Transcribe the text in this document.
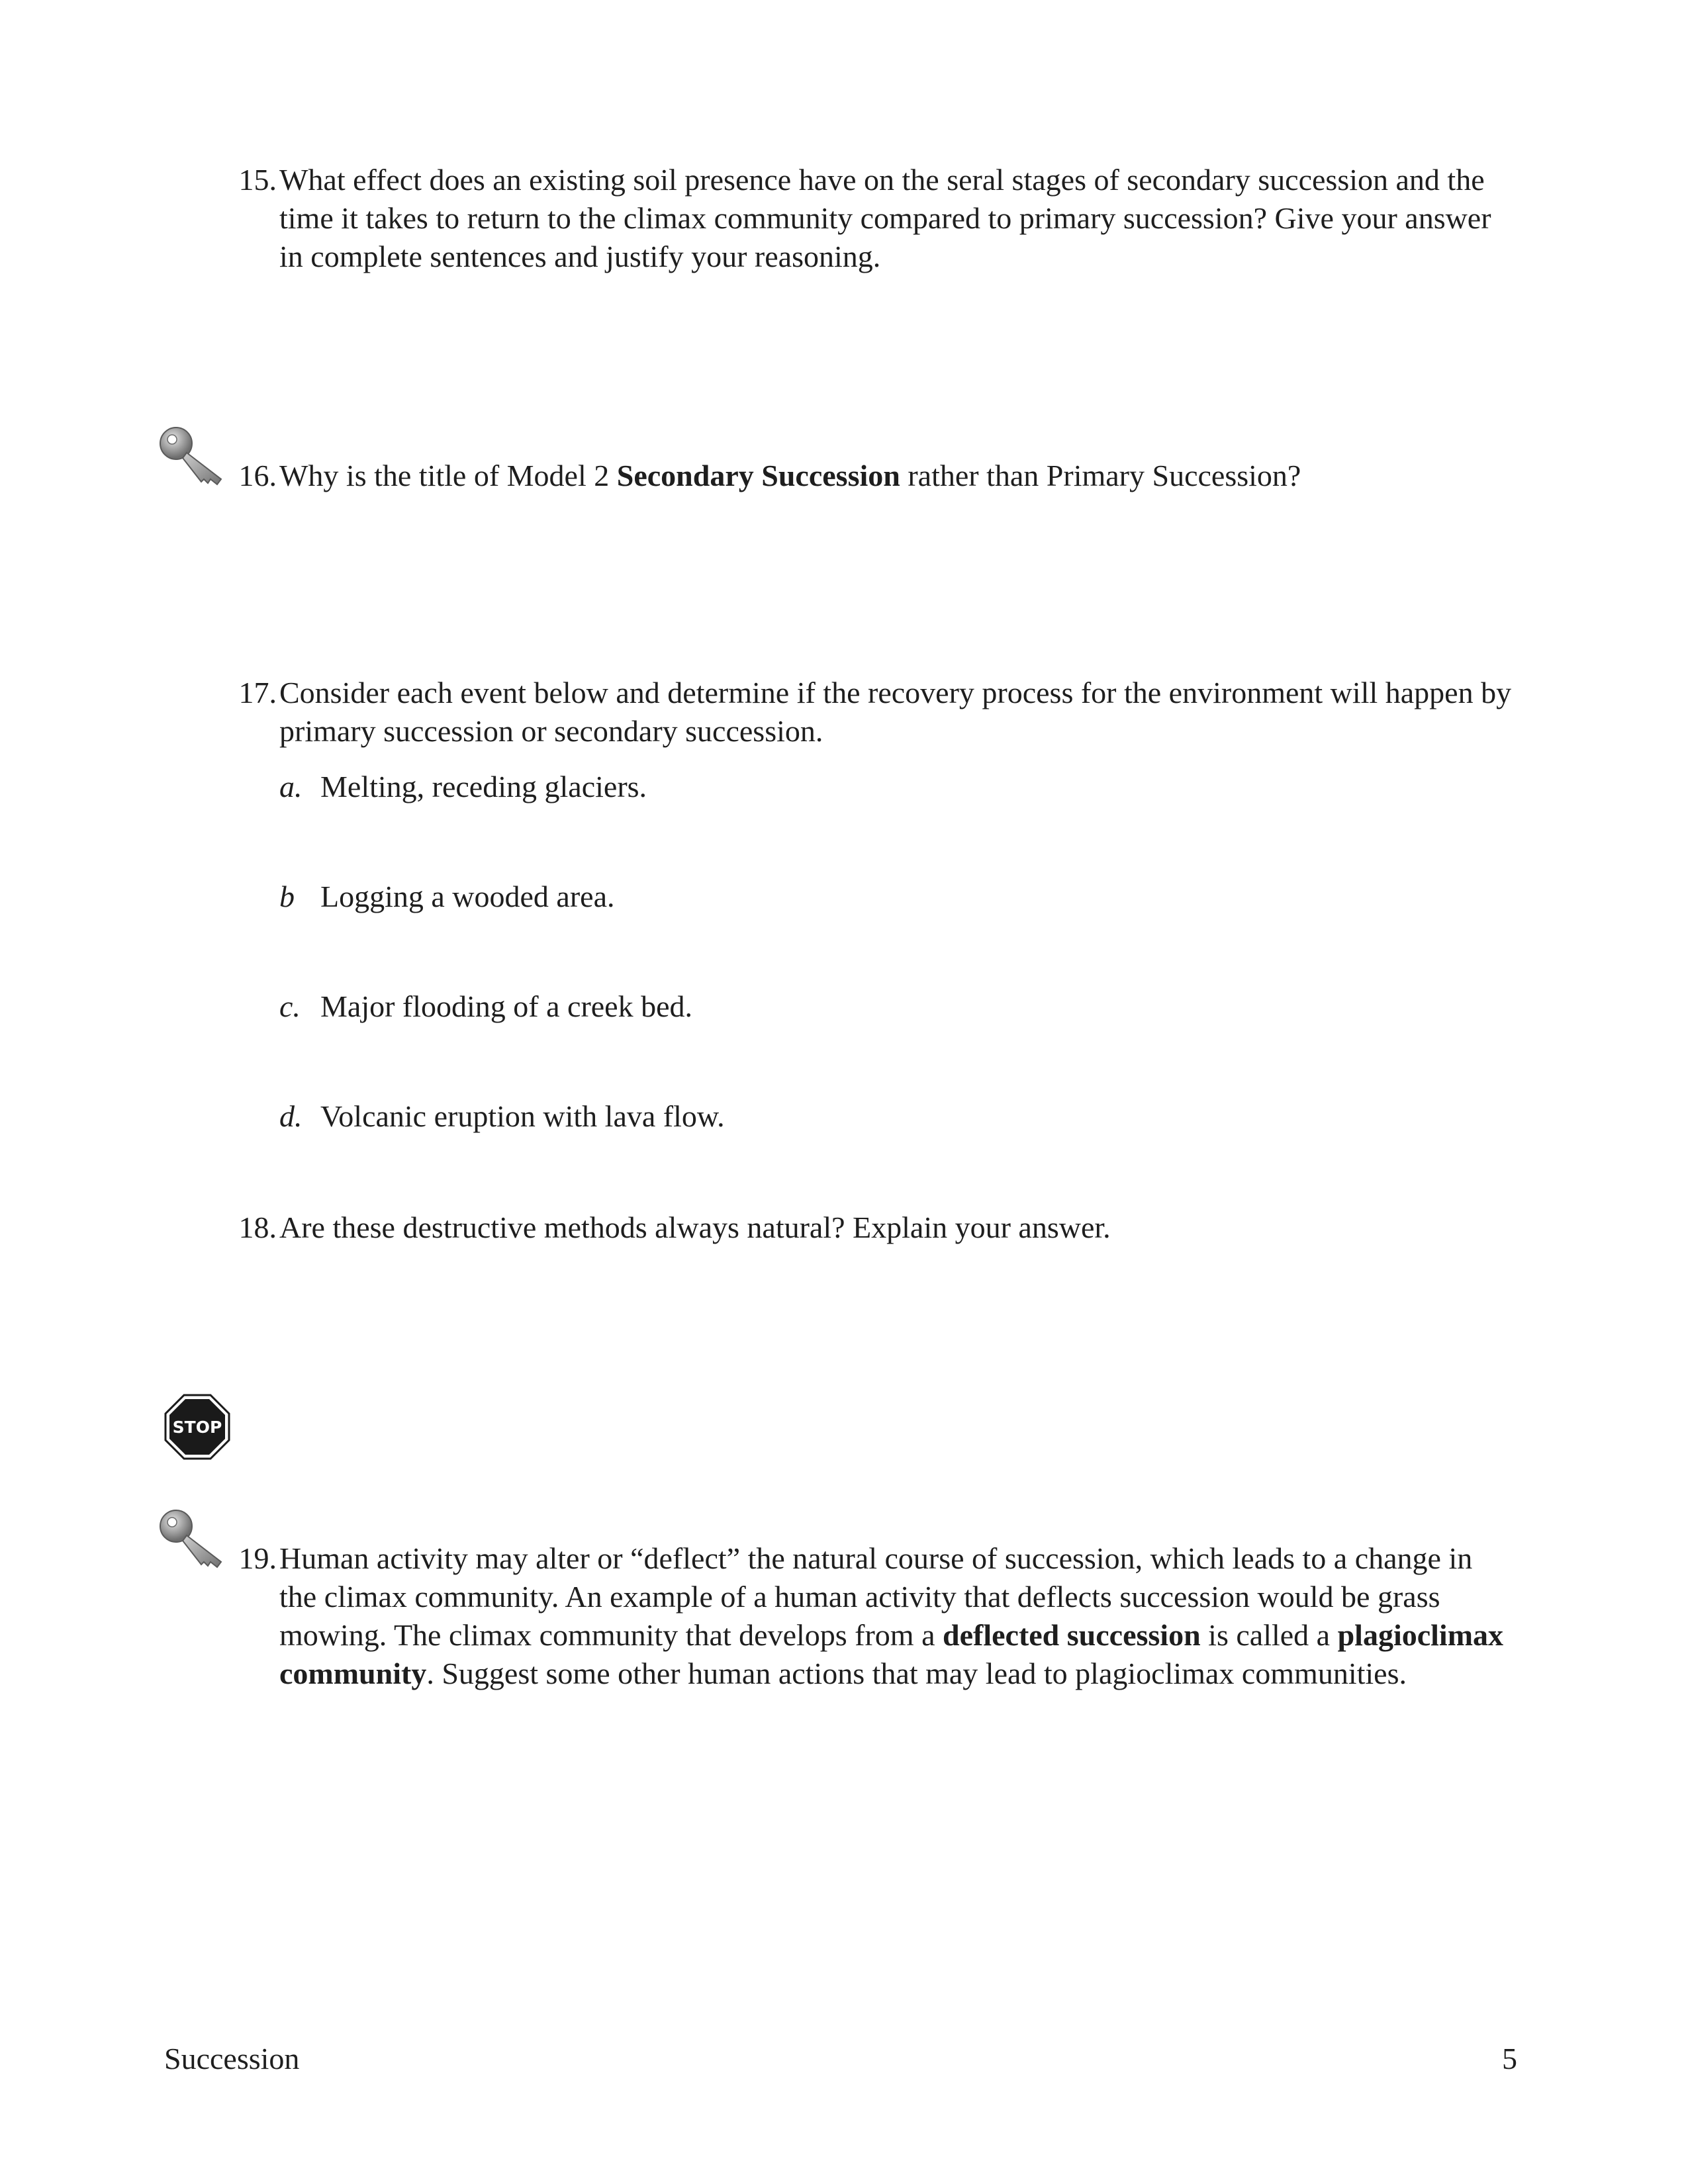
15. What effect does an existing soil presence have on the seral stages of secondary succession and the time it takes to return to the climax community compared to primary succession? Give your answer in complete sentences and justify your reasoning.
16. Why is the title of Model 2 Secondary Succession rather than Primary Succession?
17. Consider each event below and determine if the recovery process for the environment will happen by primary succession or secondary succession.
a. Melting, receding glaciers.
b Logging a wooded area.
c. Major flooding of a creek bed.
d. Volcanic eruption with lava flow.
18. Are these destructive methods always natural? Explain your answer.
STOP
19. Human activity may alter or “deflect” the natural course of succession, which leads to a change in the climax community. An example of a human activity that deflects succession would be grass mowing. The climax community that develops from a deflected succession is called a plagioclimax community. Suggest some other human actions that may lead to plagioclimax communities.
Succession	5
